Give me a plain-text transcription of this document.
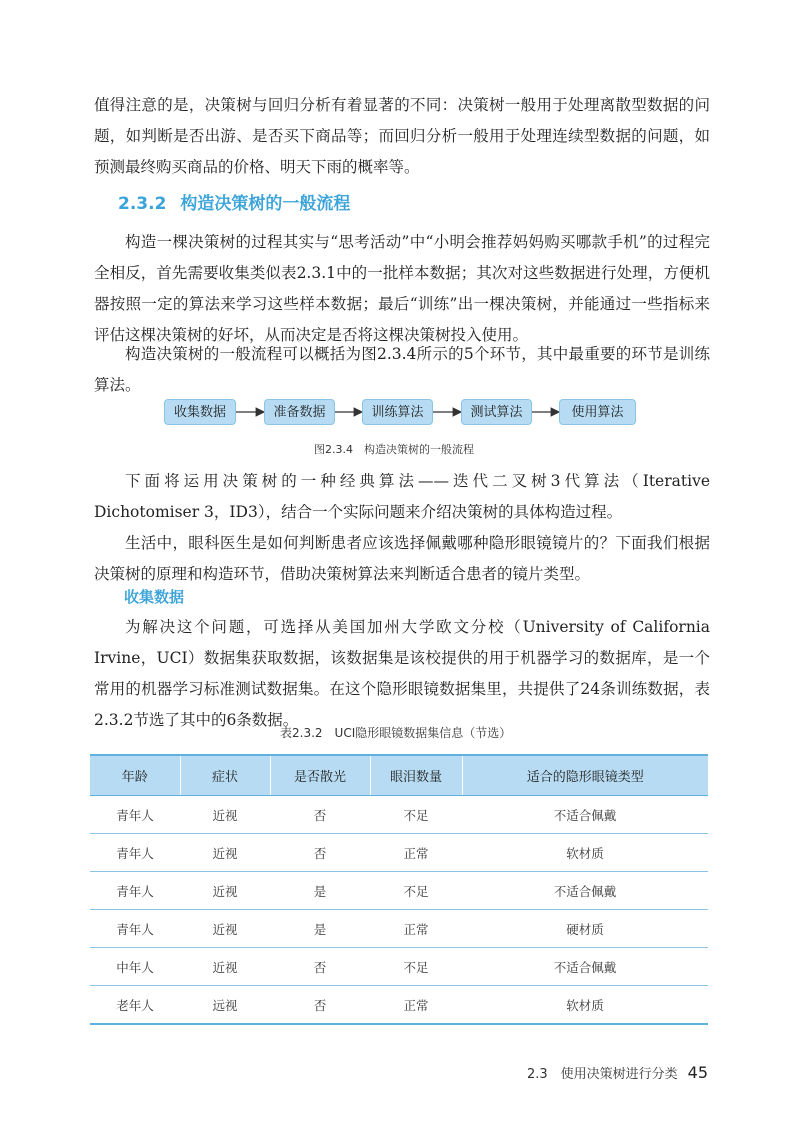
值得注意的是，决策树与回归分析有着显著的不同：决策树一般用于处理离散型数据的问题，如判断是否出游、是否买下商品等；而回归分析一般用于处理连续型数据的问题，如预测最终购买商品的价格、明天下雨的概率等。

2.3.2 构造决策树的一般流程

构造一棵决策树的过程其实与“思考活动”中“小明会推荐妈妈购买哪款手机”的过程完全相反，首先需要收集类似表2.3.1中的一批样本数据；其次对这些数据进行处理，方便机器按照一定的算法来学习这些样本数据；最后“训练”出一棵决策树，并能通过一些指标来评估这棵决策树的好坏，从而决定是否将这棵决策树投入使用。

构造决策树的一般流程可以概括为图2.3.4所示的5个环节，其中最重要的环节是训练算法。

收集数据	准备数据	训练算法	测试算法	使用算法

图2.3.4　构造决策树的一般流程

下面将运用决策树的一种经典算法——迭代二叉树3代算法（Iterative Dichotomiser 3，ID3），结合一个实际问题来介绍决策树的具体构造过程。

生活中，眼科医生是如何判断患者应该选择佩戴哪种隐形眼镜镜片的？下面我们根据决策树的原理和构造环节，借助决策树算法来判断适合患者的镜片类型。

收集数据

为解决这个问题，可选择从美国加州大学欧文分校（University of California Irvine，UCI）数据集获取数据，该数据集是该校提供的用于机器学习的数据库，是一个常用的机器学习标准测试数据集。在这个隐形眼镜数据集里，共提供了24条训练数据，表2.3.2节选了其中的6条数据。

表2.3.2　UCI隐形眼镜数据集信息（节选）

年龄	症状	是否散光	眼泪数量	适合的隐形眼镜类型
青年人	近视	否	不足	不适合佩戴
青年人	近视	否	正常	软材质
青年人	近视	是	不足	不适合佩戴
青年人	近视	是	正常	硬材质
中年人	近视	否	不足	不适合佩戴
老年人	远视	否	正常	软材质
2.3　使用决策树进行分类 45
